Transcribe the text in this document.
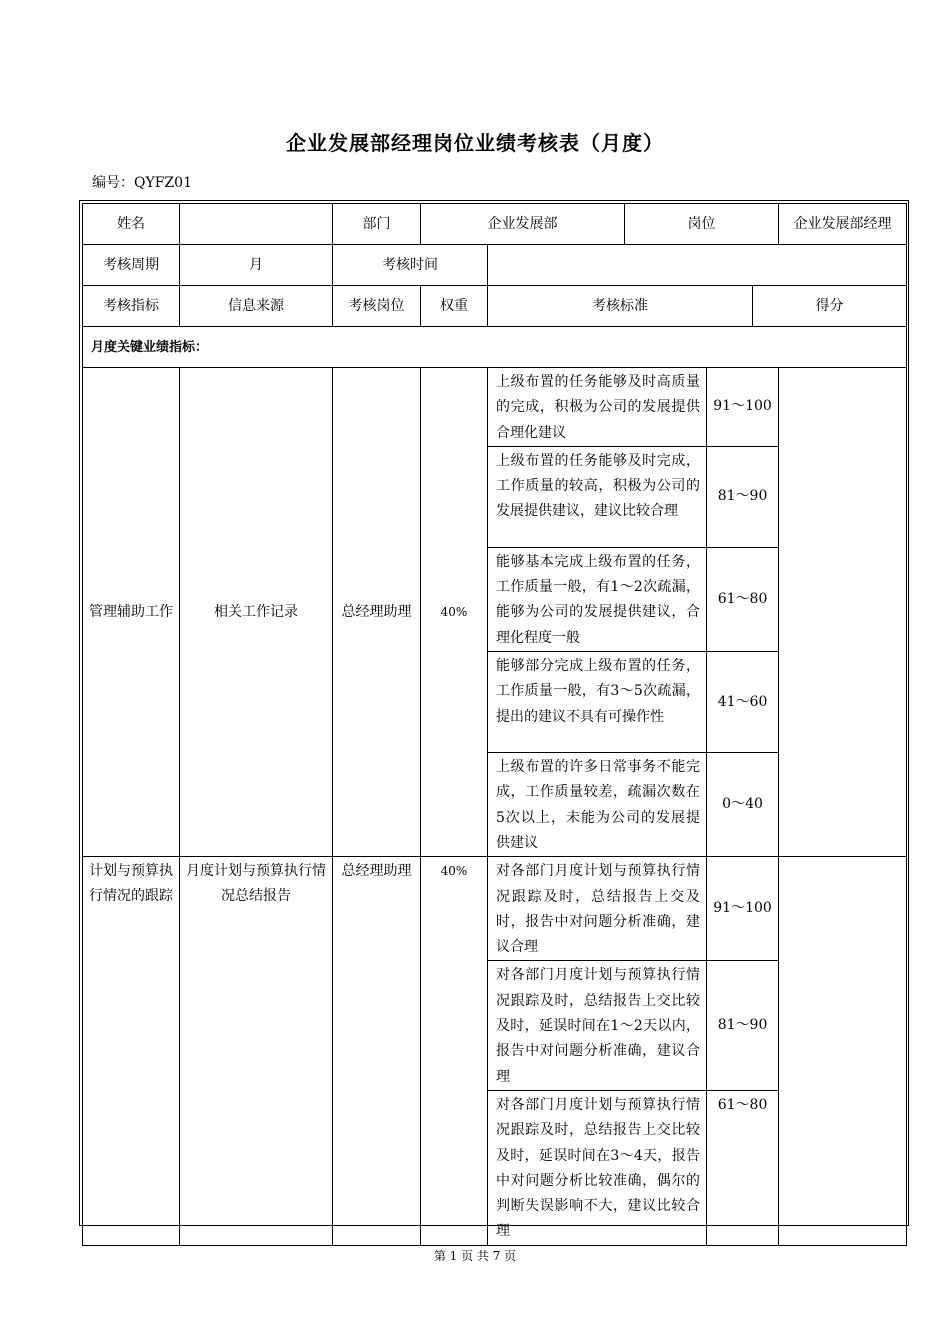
企业发展部经理岗位业绩考核表（月度）
编号：QYFZ01
姓名		部门	企业发展部		岗位			企业发展部经理
考核周期	月	考核时间						
考核指标	信息来源	考核岗位	权重	考核标准			得分	
月度关键业绩指标：								
管理辅助工作	相关工作记录	总经理助理	40%	上级布置的任务能够及时高质量的完成，积极为公司的发展提供合理化建议		91～100		
				上级布置的任务能够及时完成，工作质量的较高，积极为公司的发展提供建议，建议比较合理		81～90		
				能够基本完成上级布置的任务，工作质量一般，有1～2次疏漏，能够为公司的发展提供建议，合理化程度一般		61～80		
				能够部分完成上级布置的任务，工作质量一般，有3～5次疏漏，提出的建议不具有可操作性		41～60		
				上级布置的许多日常事务不能完成，工作质量较差，疏漏次数在5次以上，未能为公司的发展提供建议		0～40		
计划与预算执行情况的跟踪	月度计划与预算执行情况总结报告	总经理助理	40%	对各部门月度计划与预算执行情况跟踪及时，总结报告上交及时，报告中对问题分析准确，建议合理		91～100		
				对各部门月度计划与预算执行情况跟踪及时，总结报告上交比较及时，延误时间在1～2天以内，报告中对问题分析准确，建议合理		81～90		
				对各部门月度计划与预算执行情况跟踪及时，总结报告上交比较及时，延误时间在3～4天，报告中对问题分析比较准确，偶尔的判断失误影响不大，建议比较合理		61～80		
第 1 页 共 7 页
